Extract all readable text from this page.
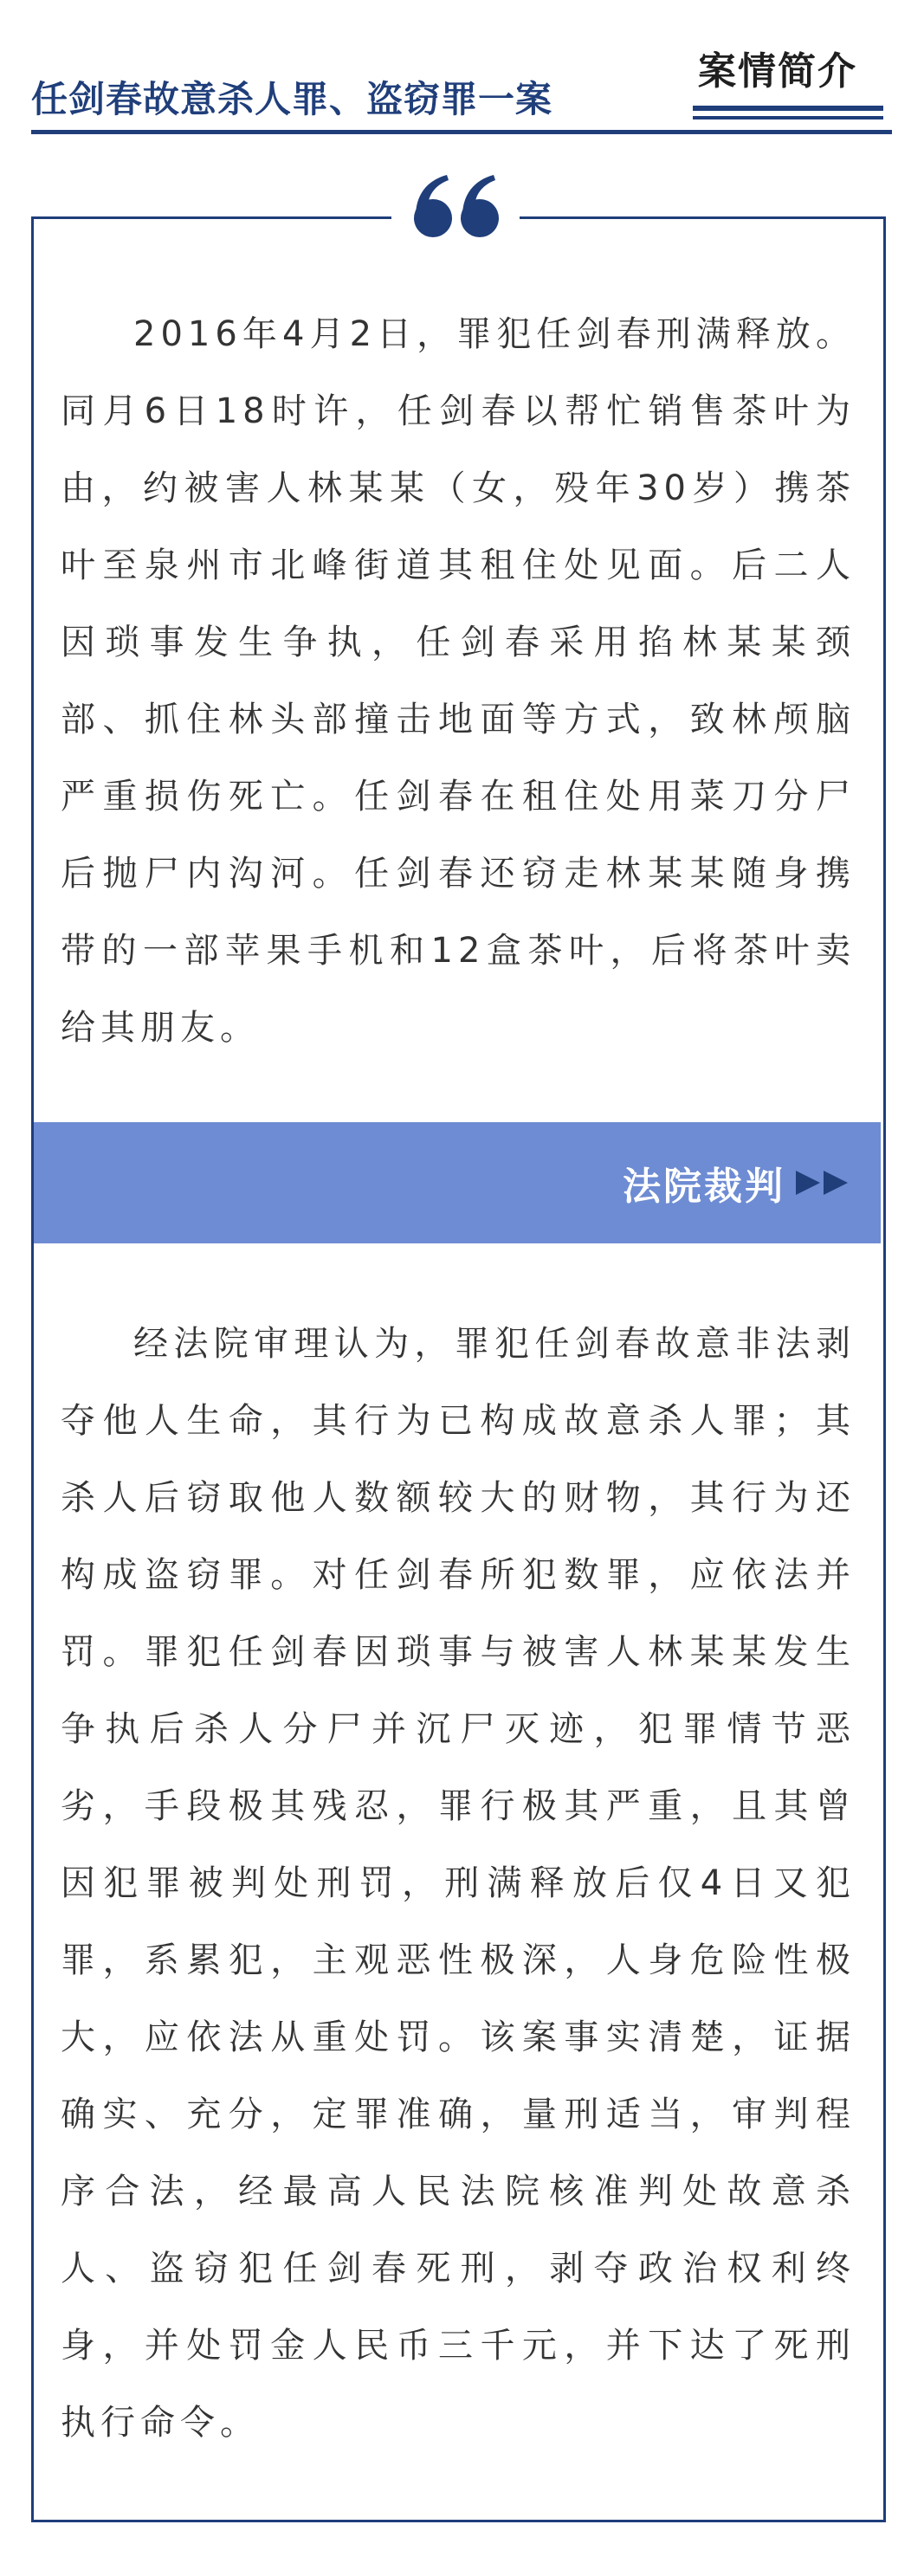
任剑春故意杀人罪、盗窃罪一案
案情简介

2016年4月2日，罪犯任剑春刑满释放。同月6日18时许，任剑春以帮忙销售茶叶为由，约被害人林某某（女，殁年30岁）携茶叶至泉州市北峰街道其租住处见面。后二人因琐事发生争执，任剑春采用掐林某某颈部、抓住林头部撞击地面等方式，致林颅脑严重损伤死亡。任剑春在租住处用菜刀分尸后抛尸内沟河。任剑春还窃走林某某随身携带的一部苹果手机和12盒茶叶，后将茶叶卖给其朋友。

法院裁判

经法院审理认为，罪犯任剑春故意非法剥夺他人生命，其行为已构成故意杀人罪；其杀人后窃取他人数额较大的财物，其行为还构成盗窃罪。对任剑春所犯数罪，应依法并罚。罪犯任剑春因琐事与被害人林某某发生争执后杀人分尸并沉尸灭迹，犯罪情节恶劣，手段极其残忍，罪行极其严重，且其曾因犯罪被判处刑罚，刑满释放后仅4日又犯罪，系累犯，主观恶性极深，人身危险性极大，应依法从重处罚。该案事实清楚，证据确实、充分，定罪准确，量刑适当，审判程序合法，经最高人民法院核准判处故意杀人、盗窃犯任剑春死刑，剥夺政治权利终身，并处罚金人民币三千元，并下达了死刑执行命令。
